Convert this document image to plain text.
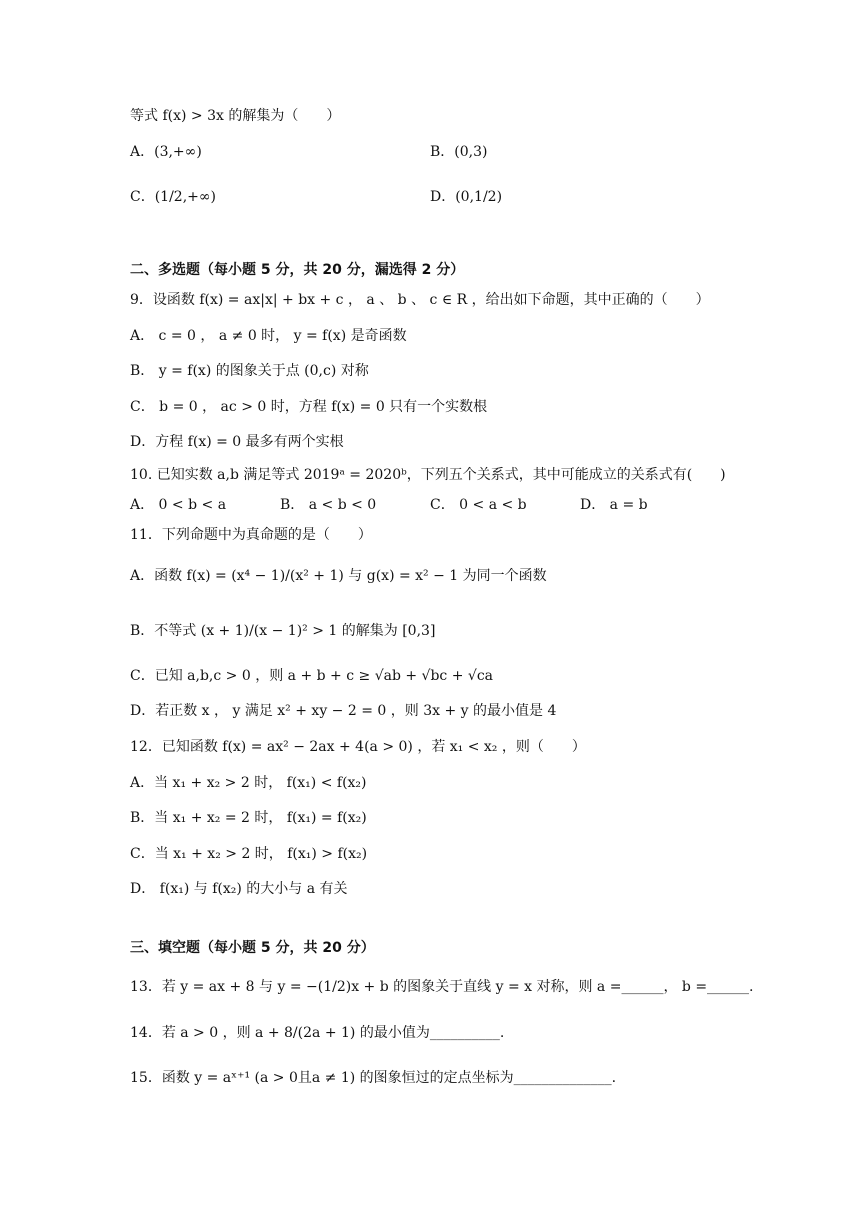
等式 f(x) > 3x 的解集为（　　）
A．(3,+∞)	B．(0,3)
C．(1/2,+∞)	D．(0,1/2)
二、多选题（每小题 5 分，共 20 分，漏选得 2 分）
9．设函数 f(x) = ax|x| + bx + c ， a 、 b 、 c ∈ R ，给出如下命题，其中正确的（　　）
A． c = 0 ， a ≠ 0 时， y = f(x) 是奇函数
B． y = f(x) 的图象关于点 (0,c) 对称
C． b = 0 ， ac > 0 时，方程 f(x) = 0 只有一个实数根
D．方程 f(x) = 0 最多有两个实根
10. 已知实数 a,b 满足等式 2019ᵃ = 2020ᵇ，下列五个关系式，其中可能成立的关系式有(　　)
A． 0 < b < a	B． a < b < 0	C． 0 < a < b	D． a = b
11．下列命题中为真命题的是（　　）
A．函数 f(x) = (x⁴ − 1)/(x² + 1) 与 g(x) = x² − 1 为同一个函数
B．不等式 (x + 1)/(x − 1)² > 1 的解集为 [0,3]
C．已知 a,b,c > 0 ，则 a + b + c ≥ √ab + √bc + √ca
D．若正数 x ， y 满足 x² + xy − 2 = 0 ，则 3x + y 的最小值是 4
12．已知函数 f(x) = ax² − 2ax + 4(a > 0) ，若 x₁ < x₂ ，则（　　）
A．当 x₁ + x₂ > 2 时， f(x₁) < f(x₂)
B．当 x₁ + x₂ = 2 时， f(x₁) = f(x₂)
C．当 x₁ + x₂ > 2 时， f(x₁) > f(x₂)
D． f(x₁) 与 f(x₂) 的大小与 a 有关
三、填空题（每小题 5 分，共 20 分）
13．若 y = ax + 8 与 y = −(1/2)x + b 的图象关于直线 y = x 对称，则 a =______， b =______.
14．若 a > 0 ，则 a + 8/(2a + 1) 的最小值为__________.
15．函数 y = aˣ⁺¹ (a > 0且a ≠ 1) 的图象恒过的定点坐标为______________.
